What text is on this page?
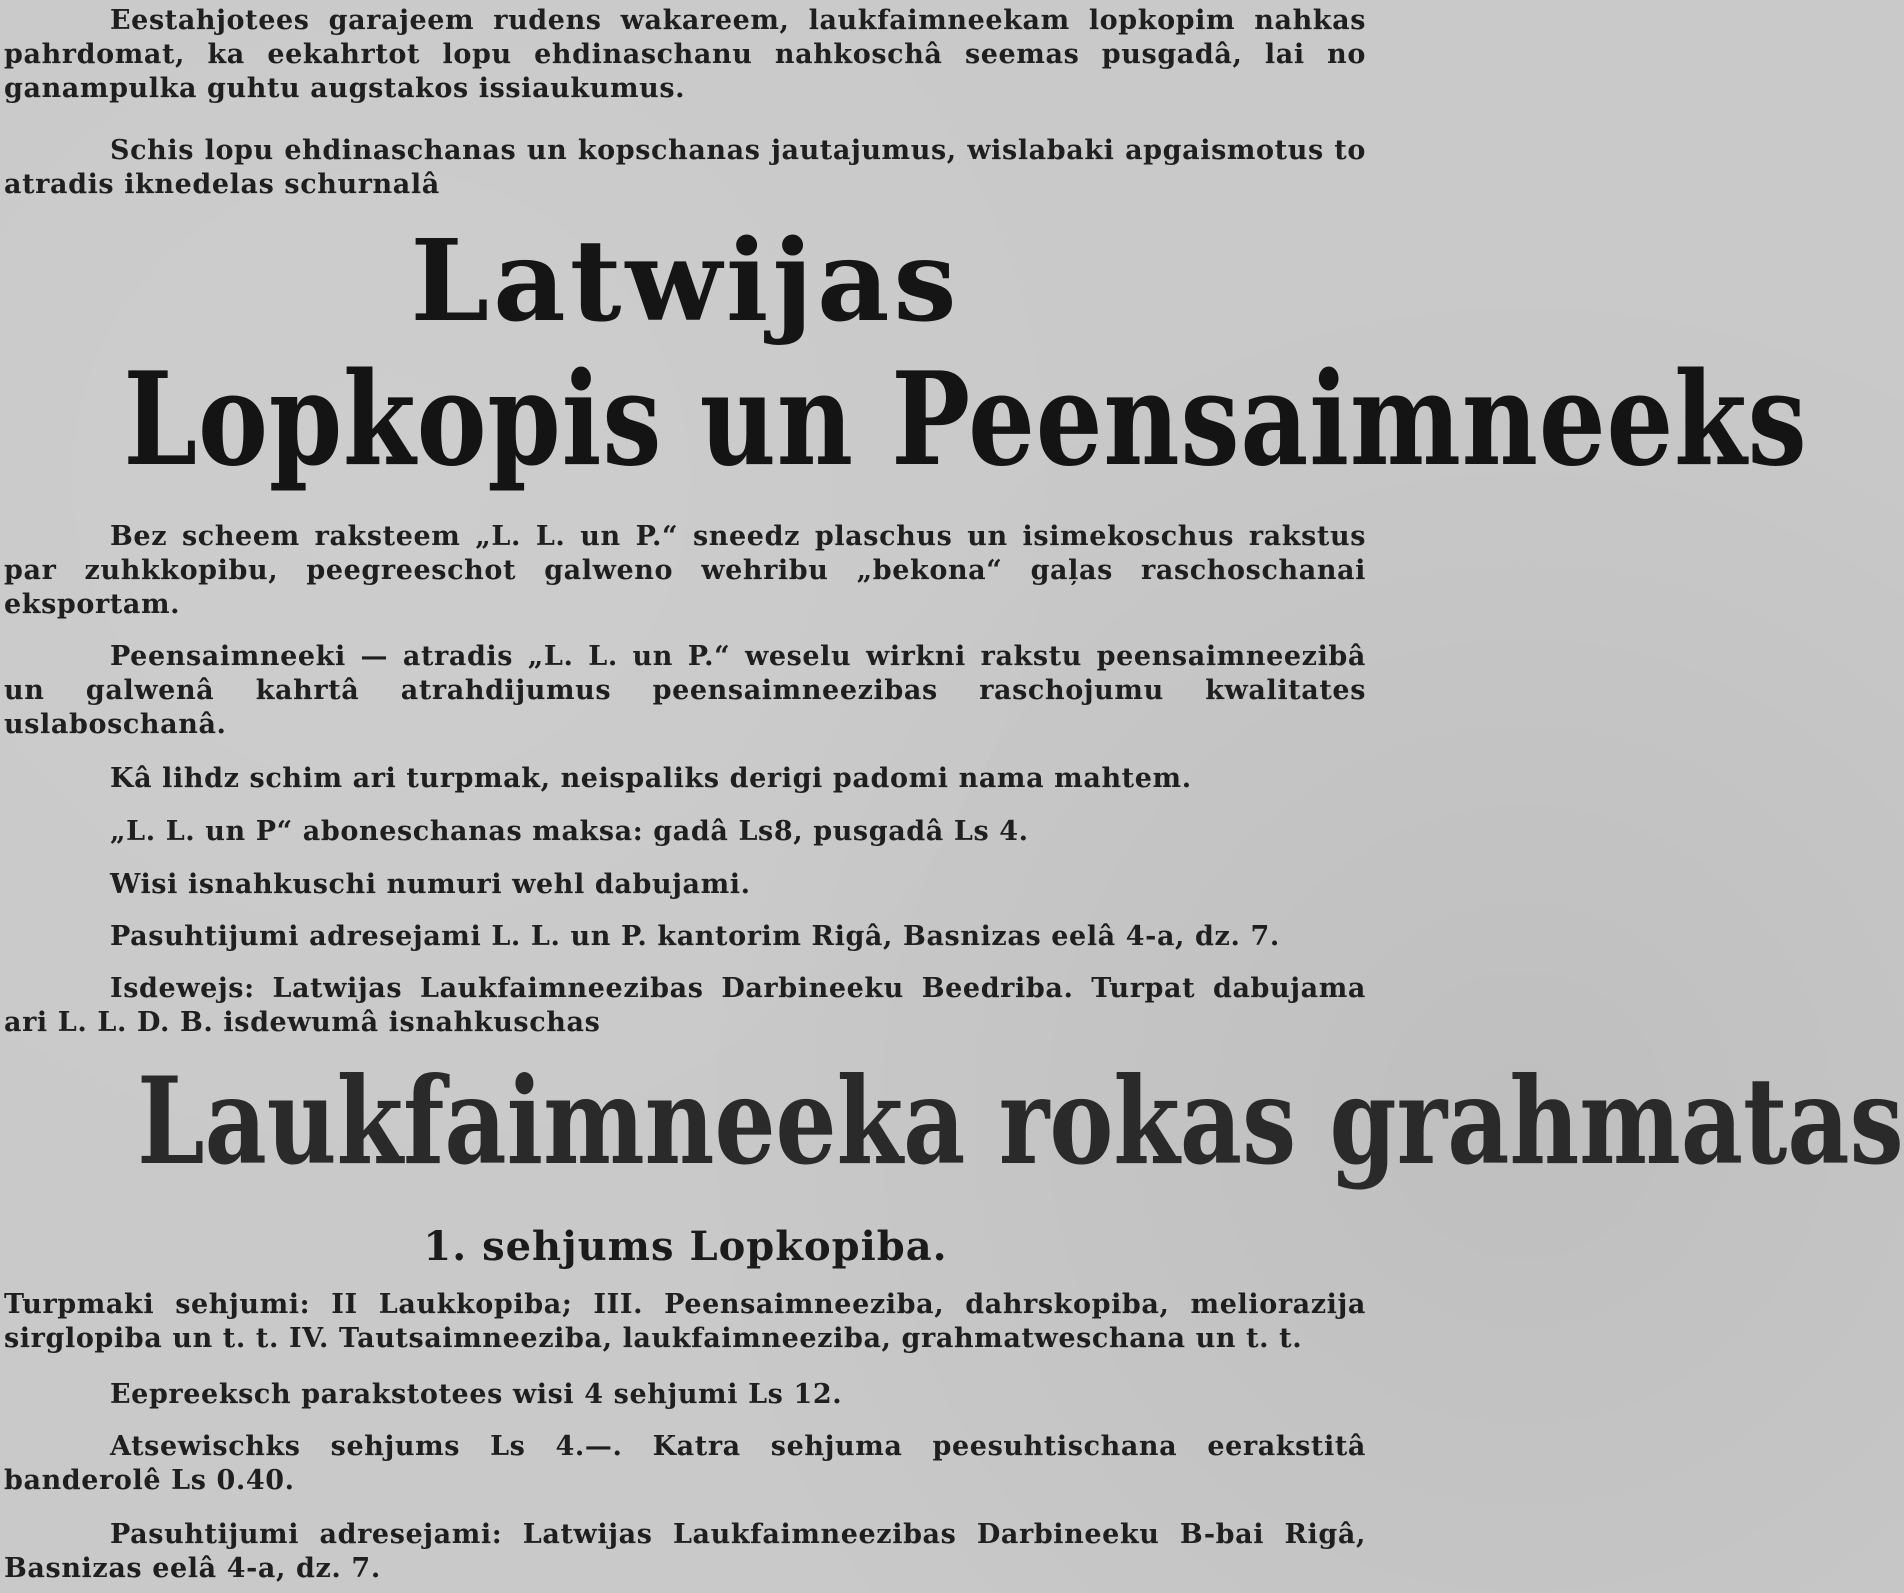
Eestahjotees garajeem rudens wakareem, laukfaimneekam lopkopim nahkas pahrdomat, ka eekahrtot lopu ehdinaschanu nahkoschâ seemas pusgadâ, lai no ganampulka guhtu augstakos issiaukumus.

Schis lopu ehdinaschanas un kopschanas jautajumus, wislabaki apgaismotus to atradis iknedelas schurnalâ

Latwijas
Lopkopis un Peensaimneeks

Bez scheem raksteem „L. L. un P.“ sneedz plaschus un isimekoschus rakstus par zuhkkopibu, peegreeschot galweno wehribu „bekona“ gaļas raschoschanai eksportam.

Peensaimneeki — atradis „L. L. un P.“ weselu wirkni rakstu peensaimneezibâ un galwenâ kahrtâ atrahdijumus peensaimneezibas raschojumu kwalitates uslaboschanâ.

Kâ lihdz schim ari turpmak, neispaliks derigi padomi nama mahtem.

„L. L. un P“ aboneschanas maksa: gadâ Ls8, pusgadâ Ls 4.

Wisi isnahkuschi numuri wehl dabujami.

Pasuhtijumi adresejami L. L. un P. kantorim Rigâ, Basnizas eelâ 4-a, dz. 7.

Isdewejs: Latwijas Laukfaimneezibas Darbineeku Beedriba. Turpat dabujama ari L. L. D. B. isdewumâ isnahkuschas

Laukfaimneeka rokas grahmatas
1. sehjums Lopkopiba.

Turpmaki sehjumi: II Laukkopiba; III. Peensaimneeziba, dahrskopiba, meliorazija sirglopiba un t. t. IV. Tautsaimneeziba, laukfaimneeziba, grahmatweschana un t. t.

Eepreeksch parakstotees wisi 4 sehjumi Ls 12.

Atsewischks sehjums Ls 4.—. Katra sehjuma peesuhtischana eerakstitâ banderolê Ls 0.40.

Pasuhtijumi adresejami: Latwijas Laukfaimneezibas Darbineeku B-bai Rigâ, Basnizas eelâ 4-a, dz. 7.
